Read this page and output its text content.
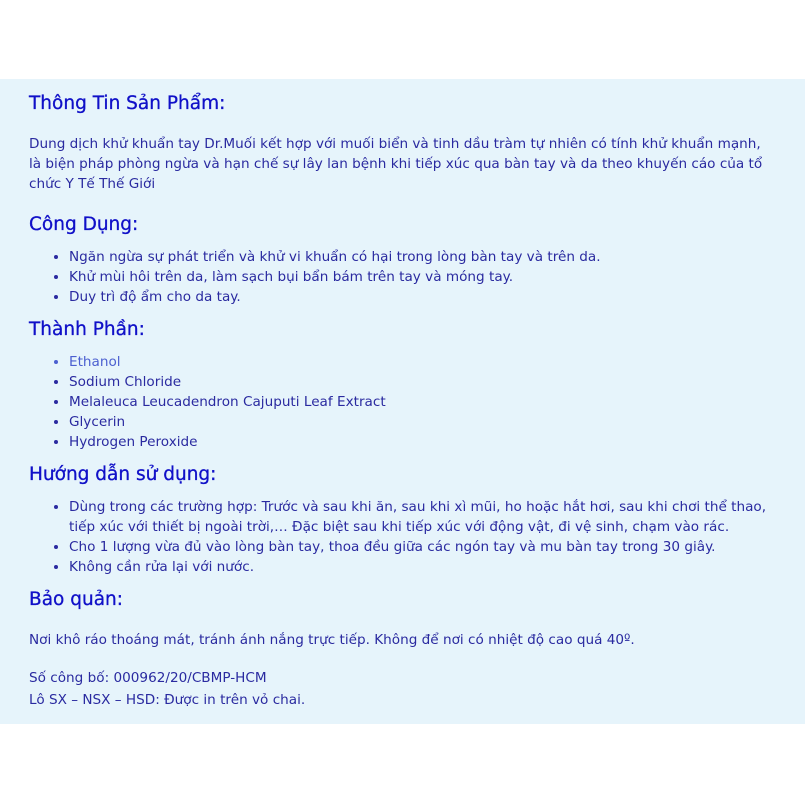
Thông Tin Sản Phẩm:

Dung dịch khử khuẩn tay Dr.Muối kết hợp với muối biển và tinh dầu tràm tự nhiên có tính khử khuẩn mạnh, là biện pháp phòng ngừa và hạn chế sự lây lan bệnh khi tiếp xúc qua bàn tay và da theo khuyến cáo của tổ chức Y Tế Thế Giới

Công Dụng:
• Ngăn ngừa sự phát triển và khử vi khuẩn có hại trong lòng bàn tay và trên da.
• Khử mùi hôi trên da, làm sạch bụi bẩn bám trên tay và móng tay.
• Duy trì độ ẩm cho da tay.
Thành Phần:
• Ethanol
• Sodium Chloride
• Melaleuca Leucadendron Cajuputi Leaf Extract
• Glycerin
• Hydrogen Peroxide
Hướng dẫn sử dụng:
• Dùng trong các trường hợp: Trước và sau khi ăn, sau khi xì mũi, ho hoặc hắt hơi, sau khi chơi thể thao, tiếp xúc với thiết bị ngoài trời,… Đặc biệt sau khi tiếp xúc với động vật, đi vệ sinh, chạm vào rác.
• Cho 1 lượng vừa đủ vào lòng bàn tay, thoa đều giữa các ngón tay và mu bàn tay trong 30 giây.
• Không cần rửa lại với nước.
Bảo quản:

Nơi khô ráo thoáng mát, tránh ánh nắng trực tiếp. Không để nơi có nhiệt độ cao quá 40º.

Số công bố: 000962/20/CBMP-HCM

Lô SX – NSX – HSD: Được in trên vỏ chai.
